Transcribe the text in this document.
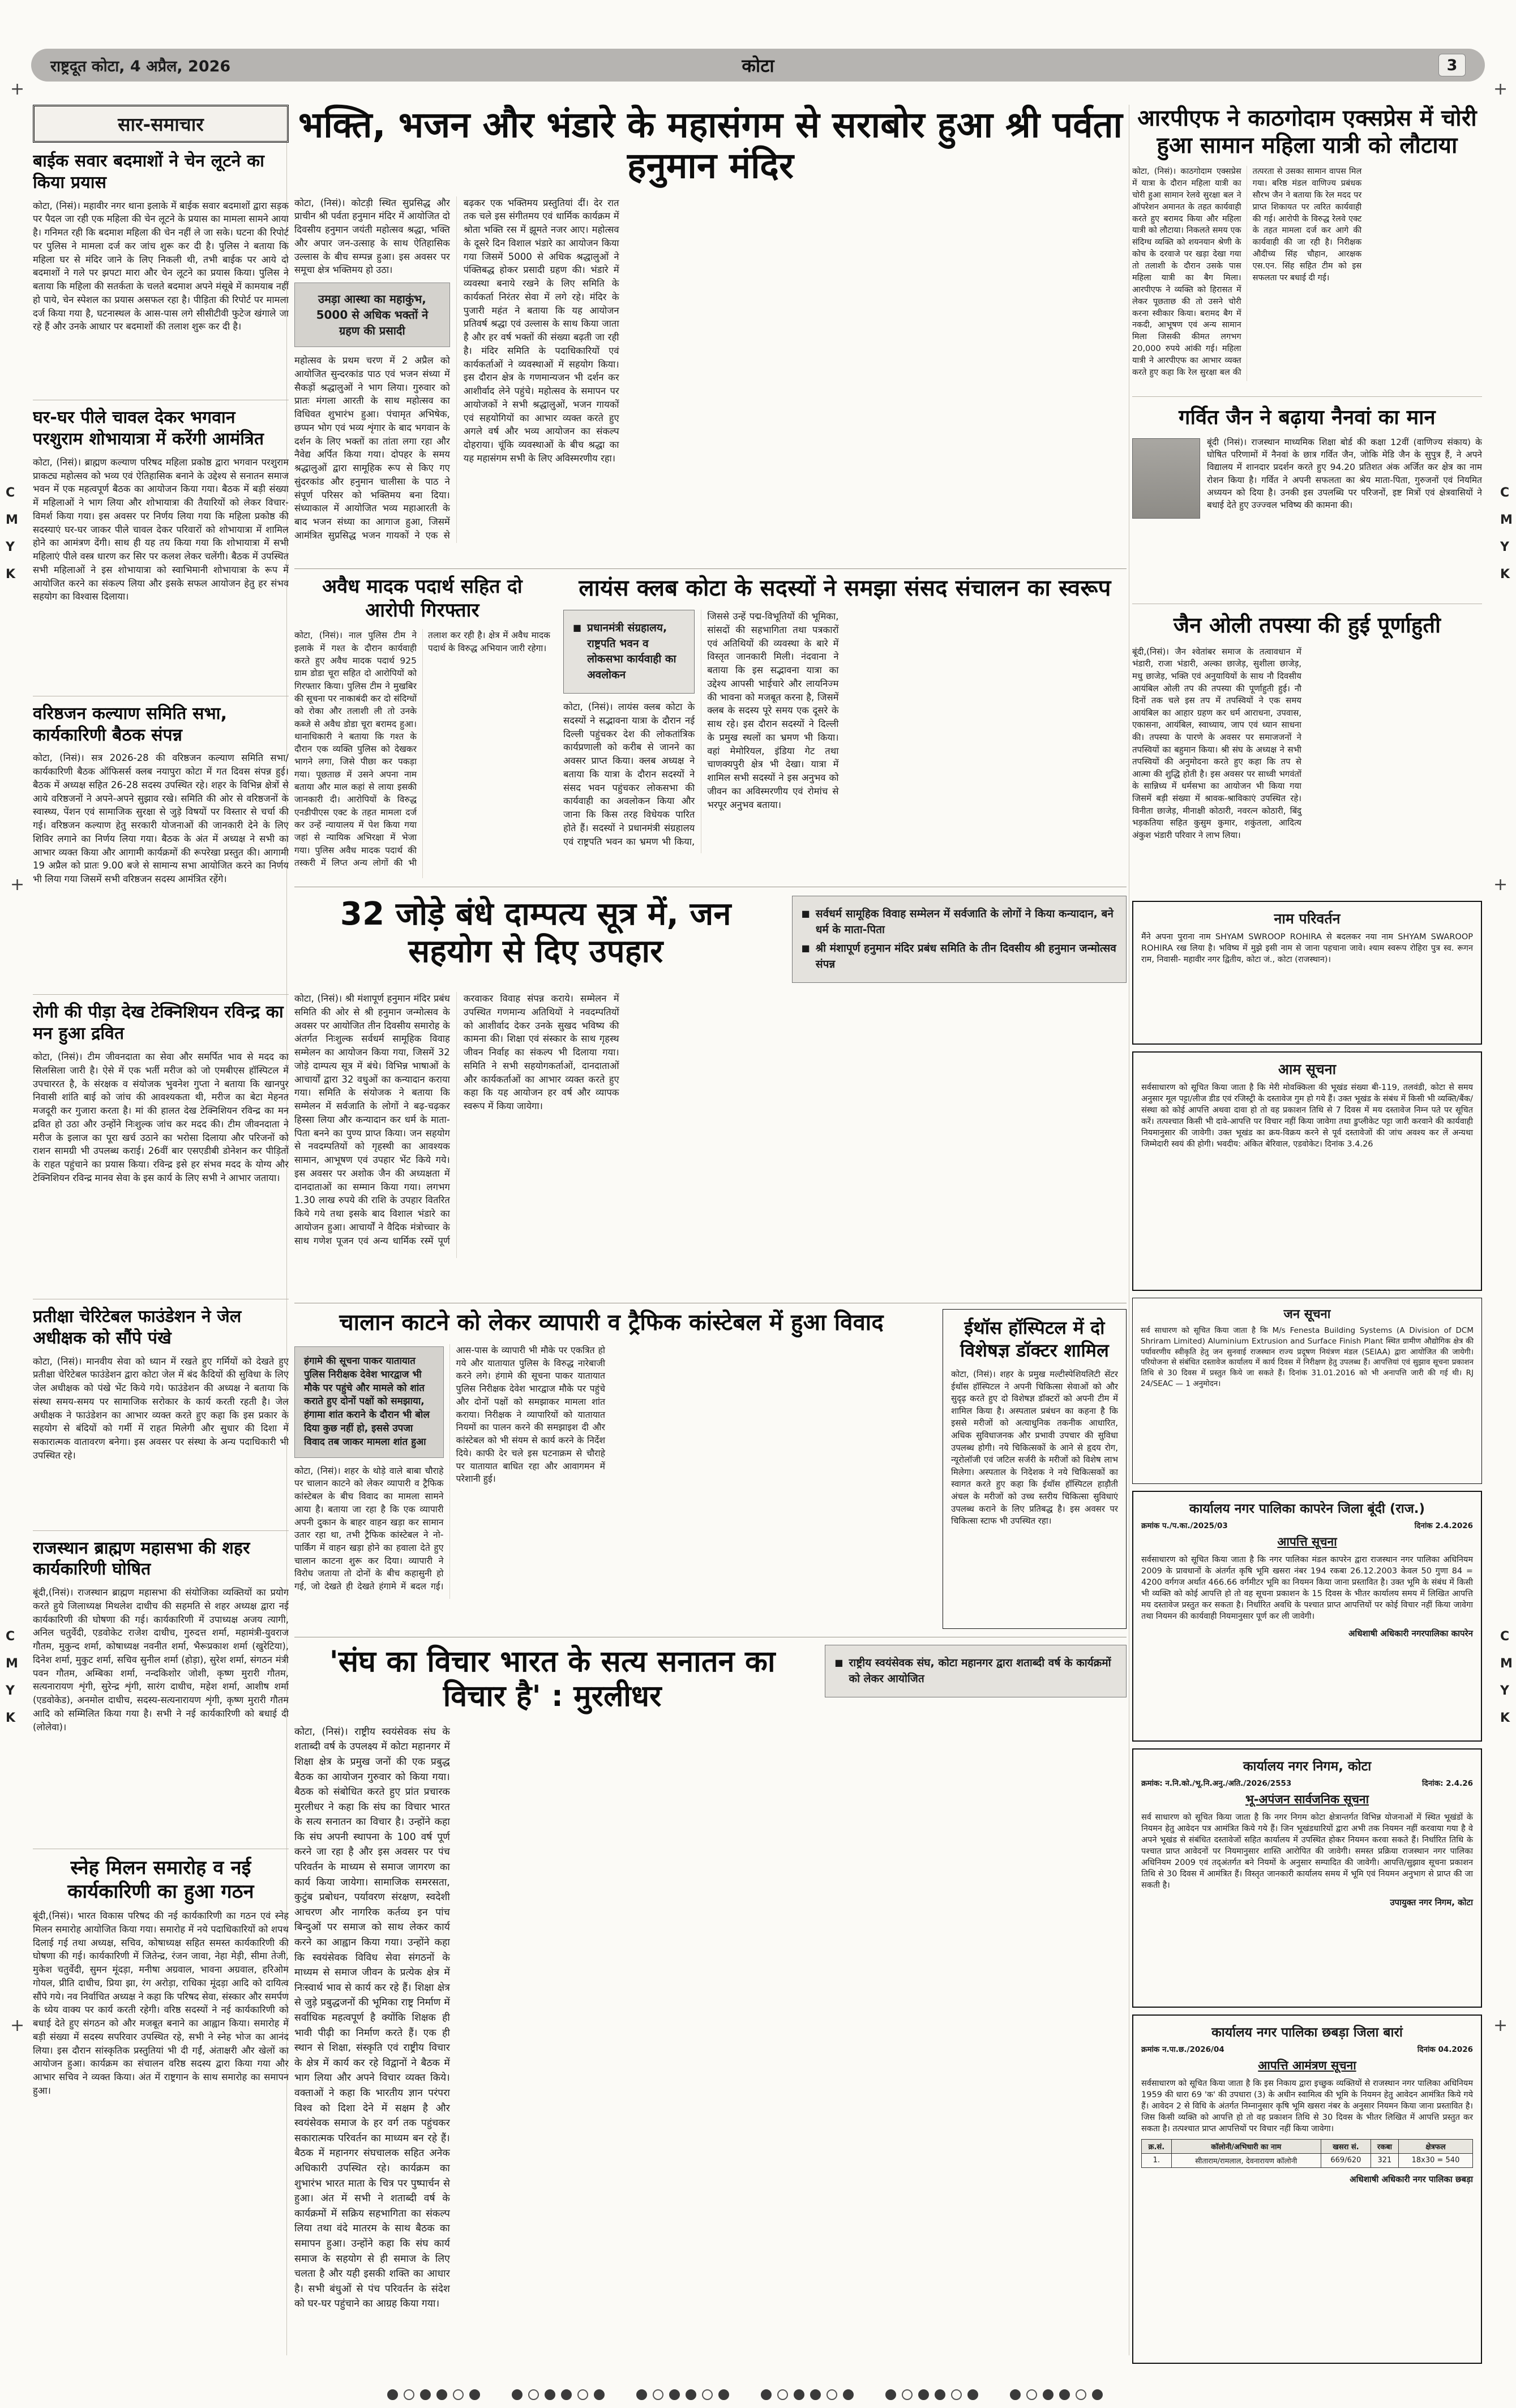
+	+
+	+
+	+
C
M
Y
K
C
M
Y
K
C
M
Y
K
C
M
Y
K
राष्ट्रदूत कोटा, 4 अप्रैल, 2026	कोटा	3
सार-समाचार
बाईक सवार बदमाशों ने चेन लूटने का किया प्रयास
कोटा, (निसं)। महावीर नगर थाना इलाके में बाईक सवार बदमाशों द्वारा सड़क पर पैदल जा रही एक महिला की चेन लूटने के प्रयास का मामला सामने आया है। गनिमत रही कि बदमाश महिला की चेन नहीं ले जा सके। घटना की रिपोर्ट पर पुलिस ने मामला दर्ज कर जांच शुरू कर दी है। पुलिस ने बताया कि महिला घर से मंदिर जाने के लिए निकली थी, तभी बाईक पर आये दो बदमाशों ने गले पर झपटा मारा और चेन लूटने का प्रयास किया। पुलिस ने बताया कि महिला की सतर्कता के चलते बदमाश अपने मंसूबे में कामयाब नहीं हो पाये, चेन स्पेशल का प्रयास असफल रहा है। पीड़िता की रिपोर्ट पर मामला दर्ज किया गया है, घटनास्थल के आस-पास लगे सीसीटीवी फुटेज खंगाले जा रहे हैं और उनके आधार पर बदमाशों की तलाश शुरू कर दी है।
घर-घर पीले चावल देकर भगवान परशुराम शोभायात्रा में करेंगी आमंत्रित
कोटा, (निसं)। ब्राह्मण कल्याण परिषद महिला प्रकोष्ठ द्वारा भगवान परशुराम प्राकट्य महोत्सव को भव्य एवं ऐतिहासिक बनाने के उद्देश्य से सनातन समाज भवन में एक महत्वपूर्ण बैठक का आयोजन किया गया। बैठक में बड़ी संख्या में महिलाओं ने भाग लिया और शोभायात्रा की तैयारियों को लेकर विचार-विमर्श किया गया। इस अवसर पर निर्णय लिया गया कि महिला प्रकोष्ठ की सदस्याएं घर-घर जाकर पीले चावल देकर परिवारों को शोभायात्रा में शामिल होने का आमंत्रण देंगी। साथ ही यह तय किया गया कि शोभायात्रा में सभी महिलाएं पीले वस्त्र धारण कर सिर पर कलश लेकर चलेंगी। बैठक में उपस्थित सभी महिलाओं ने इस शोभायात्रा को स्वाभिमानी शोभायात्रा के रूप में आयोजित करने का संकल्प लिया और इसके सफल आयोजन हेतु हर संभव सहयोग का विश्वास दिलाया।
वरिष्ठजन कल्याण समिति सभा, कार्यकारिणी बैठक संपन्न
कोटा, (निसं)। सत्र 2026-28 की वरिष्ठजन कल्याण समिति सभा/कार्यकारिणी बैठक ऑफिसर्स क्लब नयापुरा कोटा में गत दिवस संपन्न हुई। बैठक में अध्यक्ष सहित 26-28 सदस्य उपस्थित रहे। शहर के विभिन्न क्षेत्रों से आये वरिष्ठजनों ने अपने-अपने सुझाव रखे। समिति की ओर से वरिष्ठजनों के स्वास्थ्य, पेंशन एवं सामाजिक सुरक्षा से जुड़े विषयों पर विस्तार से चर्चा की गई। वरिष्ठजन कल्याण हेतु सरकारी योजनाओं की जानकारी देने के लिए शिविर लगाने का निर्णय लिया गया। बैठक के अंत में अध्यक्ष ने सभी का आभार व्यक्त किया और आगामी कार्यक्रमों की रूपरेखा प्रस्तुत की। आगामी 19 अप्रैल को प्रातः 9.00 बजे से सामान्य सभा आयोजित करने का निर्णय भी लिया गया जिसमें सभी वरिष्ठजन सदस्य आमंत्रित रहेंगे।
रोगी की पीड़ा देख टेक्निशियन रविन्द्र का मन हुआ द्रवित
कोटा, (निसं)। टीम जीवनदाता का सेवा और समर्पित भाव से मदद का सिलसिला जारी है। ऐसे में एक भर्ती मरीज को जो एमबीएस हॉस्पिटल में उपचाररत है, के संरक्षक व संयोजक भुवनेश गुप्ता ने बताया कि खानपुर निवासी शांति बाई को जांच की आवश्यकता थी, मरीज का बेटा मेहनत मजदूरी कर गुजारा करता है। मां की हालत देख टेक्निशियन रविन्द्र का मन द्रवित हो उठा और उन्होंने निःशुल्क जांच कर मदद की। टीम जीवनदाता ने मरीज के इलाज का पूरा खर्च उठाने का भरोसा दिलाया और परिजनों को राशन सामग्री भी उपलब्ध कराई। 26वीं बार एसएडीबी डोनेशन कर पीड़ितों के राहत पहुंचाने का प्रयास किया। रविन्द्र इसे हर संभव मदद के योग्य और टेक्निशियन रविन्द्र मानव सेवा के इस कार्य के लिए सभी ने आभार जताया।
प्रतीक्षा चेरिटेबल फाउंडेशन ने जेल अधीक्षक को सौंपे पंखे
कोटा, (निसं)। मानवीय सेवा को ध्यान में रखते हुए गर्मियों को देखते हुए प्रतीक्षा चेरिटेबल फाउंडेशन द्वारा कोटा जेल में बंद कैदियों की सुविधा के लिए जेल अधीक्षक को पंखे भेंट किये गये। फाउंडेशन की अध्यक्ष ने बताया कि संस्था समय-समय पर सामाजिक सरोकार के कार्य करती रहती है। जेल अधीक्षक ने फाउंडेशन का आभार व्यक्त करते हुए कहा कि इस प्रकार के सहयोग से बंदियों को गर्मी में राहत मिलेगी और सुधार की दिशा में सकारात्मक वातावरण बनेगा। इस अवसर पर संस्था के अन्य पदाधिकारी भी उपस्थित रहे।
राजस्थान ब्राह्मण महासभा की शहर कार्यकारिणी घोषित
बूंदी,(निसं)। राजस्थान ब्राह्मण महासभा की संयोजिका व्यक्तियों का प्रयोग करते हुये जिलाध्यक्ष मिथलेश दाधीच की सहमति से शहर अध्यक्ष द्वारा नई कार्यकारिणी की घोषणा की गई। कार्यकारिणी में उपाध्यक्ष अजय त्यागी, अनिल चतुर्वेदी, एडवोकेट राजेश दाधीच, गुरुदत्त शर्मा, महामंत्री-युवराज गौतम, मुकुन्द शर्मा, कोषाध्यक्ष नवनीत शर्मा, भैरूप्रकाश शर्मा (खुरेटिया), दिनेश शर्मा, मुकुट शर्मा, सचिव सुनील शर्मा (होड़ा), सुरेश शर्मा, संगठन मंत्री पवन गौतम, अम्बिका शर्मा, नन्दकिशोर जोशी, कृष्ण मुरारी गौतम, सत्यनारायण शृंगी, सुरेन्द्र शृंगी, सारंग दाधीच, महेश शर्मा, आशीष शर्मा (एडवोकेड), अनमोल दाधीच, सदस्य-सत्यनारायण शृंगी, कृष्ण मुरारी गौतम आदि को सम्मिलित किया गया है। सभी ने नई कार्यकारिणी को बधाई दी (लोलेवा)।
स्नेह मिलन समारोह व नई कार्यकारिणी का हुआ गठन
बूंदी,(निसं)। भारत विकास परिषद की नई कार्यकारिणी का गठन एवं स्नेह मिलन समारोह आयोजित किया गया। समारोह में नये पदाधिकारियों को शपथ दिलाई गई तथा अध्यक्ष, सचिव, कोषाध्यक्ष सहित समस्त कार्यकारिणी की घोषणा की गई। कार्यकारिणी में जितेन्द्र, रंजन जावा, नेहा मेड़ी, सीमा तेजी, मुकेश चतुर्वेदी, सुमन मूंदड़ा, मनीषा अग्रवाल, भावना अग्रवाल, हरिओम गोयल, प्रीति दाधीच, प्रिया झा, रंग अरोड़ा, राधिका मूंदड़ा आदि को दायित्व सौंपे गये। नव निर्वाचित अध्यक्ष ने कहा कि परिषद सेवा, संस्कार और समर्पण के ध्येय वाक्य पर कार्य करती रहेगी। वरिष्ठ सदस्यों ने नई कार्यकारिणी को बधाई देते हुए संगठन को और मजबूत बनाने का आह्वान किया। समारोह में बड़ी संख्या में सदस्य सपरिवार उपस्थित रहे, सभी ने स्नेह भोज का आनंद लिया। इस दौरान सांस्कृतिक प्रस्तुतियां भी दी गईं, अंताक्षरी और खेलों का आयोजन हुआ। कार्यक्रम का संचालन वरिष्ठ सदस्य द्वारा किया गया और आभार सचिव ने व्यक्त किया। अंत में राष्ट्रगान के साथ समारोह का समापन हुआ।
भक्ति, भजन और भंडारे के महासंगम से सराबोर हुआ श्री पर्वता हनुमान मंदिर

कोटा, (निसं)। कोटड़ी स्थित सुप्रसिद्ध और प्राचीन श्री पर्वता हनुमान मंदिर में आयोजित दो दिवसीय हनुमान जयंती महोत्सव श्रद्धा, भक्ति और अपार जन-उत्साह के साथ ऐतिहासिक उल्लास के बीच सम्पन्न हुआ। इस अवसर पर समूचा क्षेत्र भक्तिमय हो उठा।

उमड़ा आस्था का महाकुंभ, 5000 से अधिक भक्तों ने ग्रहण की प्रसादी

महोत्सव के प्रथम चरण में 2 अप्रैल को आयोजित सुन्दरकांड पाठ एवं भजन संध्या में सैकड़ों श्रद्धालुओं ने भाग लिया। गुरुवार को प्रातः मंगला आरती के साथ महोत्सव का विधिवत शुभारंभ हुआ। पंचामृत अभिषेक, छप्पन भोग एवं भव्य शृंगार के बाद भगवान के दर्शन के लिए भक्तों का तांता लगा रहा और नैवेद्य अर्पित किया गया। दोपहर के समय श्रद्धालुओं द्वारा सामूहिक रूप से किए गए सुंदरकांड और हनुमान चालीसा के पाठ ने संपूर्ण परिसर को भक्तिमय बना दिया। संध्याकाल में आयोजित भव्य महाआरती के बाद भजन संध्या का आगाज हुआ, जिसमें आमंत्रित सुप्रसिद्ध भजन गायकों ने एक से बढ़कर एक भक्तिमय प्रस्तुतियां दीं। देर रात तक चले इस संगीतमय एवं धार्मिक कार्यक्रम में श्रोता भक्ति रस में झूमते नजर आए। महोत्सव के दूसरे दिन विशाल भंडारे का आयोजन किया गया जिसमें 5000 से अधिक श्रद्धालुओं ने पंक्तिबद्ध होकर प्रसादी ग्रहण की। भंडारे में व्यवस्था बनाये रखने के लिए समिति के कार्यकर्ता निरंतर सेवा में लगे रहे। मंदिर के पुजारी महंत ने बताया कि यह आयोजन प्रतिवर्ष श्रद्धा एवं उल्लास के साथ किया जाता है और हर वर्ष भक्तों की संख्या बढ़ती जा रही है। मंदिर समिति के पदाधिकारियों एवं कार्यकर्ताओं ने व्यवस्थाओं में सहयोग किया। इस दौरान क्षेत्र के गणमान्यजन भी दर्शन कर आशीर्वाद लेने पहुंचे। महोत्सव के समापन पर आयोजकों ने सभी श्रद्धालुओं, भजन गायकों एवं सहयोगियों का आभार व्यक्त करते हुए अगले वर्ष और भव्य आयोजन का संकल्प दोहराया। चूंकि व्यवस्थाओं के बीच श्रद्धा का यह महासंगम सभी के लिए अविस्मरणीय रहा।

अवैध मादक पदार्थ सहित दो आरोपी गिरफ्तार
कोटा, (निसं)। नाल पुलिस टीम ने इलाके में गश्त के दौरान कार्यवाही करते हुए अवैध मादक पदार्थ 925 ग्राम डोडा चूरा सहित दो आरोपियों को गिरफ्तार किया। पुलिस टीम ने मुखबिर की सूचना पर नाकाबंदी कर दो संदिग्धों को रोका और तलाशी ली तो उनके कब्जे से अवैध डोडा चूरा बरामद हुआ। थानाधिकारी ने बताया कि गश्त के दौरान एक व्यक्ति पुलिस को देखकर भागने लगा, जिसे पीछा कर पकड़ा गया। पूछताछ में उसने अपना नाम बताया और माल कहां से लाया इसकी जानकारी दी। आरोपियों के विरुद्ध एनडीपीएस एक्ट के तहत मामला दर्ज कर उन्हें न्यायालय में पेश किया गया जहां से न्यायिक अभिरक्षा में भेजा गया। पुलिस अवैध मादक पदार्थ की तस्करी में लिप्त अन्य लोगों की भी तलाश कर रही है। क्षेत्र में अवैध मादक पदार्थ के विरुद्ध अभियान जारी रहेगा।
लायंस क्लब कोटा के सदस्यों ने समझा संसद संचालन का स्वरूप
■ प्रधानमंत्री संग्रहालय, राष्ट्रपति भवन व लोकसभा कार्यवाही का अवलोकन
कोटा, (निसं)। लायंस क्लब कोटा के सदस्यों ने सद्भावना यात्रा के दौरान नई दिल्ली पहुंचकर देश की लोकतांत्रिक कार्यप्रणाली को करीब से जानने का अवसर प्राप्त किया। क्लब अध्यक्ष ने बताया कि यात्रा के दौरान सदस्यों ने संसद भवन पहुंचकर लोकसभा की कार्यवाही का अवलोकन किया और जाना कि किस तरह विधेयक पारित होते हैं। सदस्यों ने प्रधानमंत्री संग्रहालय एवं राष्ट्रपति भवन का भ्रमण भी किया, जिससे उन्हें पद्म-विभूतियों की भूमिका, सांसदों की सहभागिता तथा पत्रकारों एवं अतिथियों की व्यवस्था के बारे में विस्तृत जानकारी मिली। नंदवाना ने बताया कि इस सद्भावना यात्रा का उद्देश्य आपसी भाईचारे और लायनिज्म की भावना को मजबूत करना है, जिसमें क्लब के सदस्य पूरे समय एक दूसरे के साथ रहे। इस दौरान सदस्यों ने दिल्ली के प्रमुख स्थलों का भ्रमण भी किया। वहां मेमोरियल, इंडिया गेट तथा चाणक्यपुरी क्षेत्र भी देखा। यात्रा में शामिल सभी सदस्यों ने इस अनुभव को जीवन का अविस्मरणीय एवं रोमांच से भरपूर अनुभव बताया।
32 जोड़े बंधे दाम्पत्य सूत्र में, जन सहयोग से दिए उपहार
■ सर्वधर्म सामूहिक विवाह सम्मेलन में सर्वजाति के लोगों ने किया कन्यादान, बने धर्म के माता-पिता
■ श्री मंशापूर्ण हनुमान मंदिर प्रबंध समिति के तीन दिवसीय श्री हनुमान जन्मोत्सव संपन्न
कोटा, (निसं)। श्री मंशापूर्ण हनुमान मंदिर प्रबंध समिति की ओर से श्री हनुमान जन्मोत्सव के अवसर पर आयोजित तीन दिवसीय समारोह के अंतर्गत निःशुल्क सर्वधर्म सामूहिक विवाह सम्मेलन का आयोजन किया गया, जिसमें 32 जोड़े दाम्पत्य सूत्र में बंधे। विभिन्न भाषाओं के आचार्यों द्वारा 32 वधुओं का कन्यादान कराया गया। समिति के संयोजक ने बताया कि सम्मेलन में सर्वजाति के लोगों ने बढ़-चढ़कर हिस्सा लिया और कन्यादान कर धर्म के माता-पिता बनने का पुण्य प्राप्त किया। जन सहयोग से नवदम्पतियों को गृहस्थी का आवश्यक सामान, आभूषण एवं उपहार भेंट किये गये। इस अवसर पर अशोक जैन की अध्यक्षता में दानदाताओं का सम्मान किया गया। लगभग 1.30 लाख रुपये की राशि के उपहार वितरित किये गये तथा इसके बाद विशाल भंडारे का आयोजन हुआ। आचार्यों ने वैदिक मंत्रोच्चार के साथ गणेश पूजन एवं अन्य धार्मिक रस्में पूर्ण करवाकर विवाह संपन्न कराये। सम्मेलन में उपस्थित गणमान्य अतिथियों ने नवदम्पतियों को आशीर्वाद देकर उनके सुखद भविष्य की कामना की। शिक्षा एवं संस्कार के साथ गृहस्थ जीवन निर्वाह का संकल्प भी दिलाया गया। समिति ने सभी सहयोगकर्ताओं, दानदाताओं और कार्यकर्ताओं का आभार व्यक्त करते हुए कहा कि यह आयोजन हर वर्ष और व्यापक स्वरूप में किया जायेगा।
चालान काटने को लेकर व्यापारी व ट्रैफिक कांस्टेबल में हुआ विवाद
हंगामे की सूचना पाकर यातायात पुलिस निरीक्षक देवेश भारद्वाज भी मौके पर पहुंचे और मामले को शांत कराते हुए दोनों पक्षों को समझाया, हंगामा शांत कराने के दौरान भी बोल दिया कुछ नहीं हो, इससे उपजा विवाद तब जाकर मामला शांत हुआ
कोटा, (निसं)। शहर के थोड़े वाले बाबा चौराहे पर चालान काटने को लेकर व्यापारी व ट्रैफिक कांस्टेबल के बीच विवाद का मामला सामने आया है। बताया जा रहा है कि एक व्यापारी अपनी दुकान के बाहर वाहन खड़ा कर सामान उतार रहा था, तभी ट्रैफिक कांस्टेबल ने नो-पार्किंग में वाहन खड़ा होने का हवाला देते हुए चालान काटना शुरू कर दिया। व्यापारी ने विरोध जताया तो दोनों के बीच कहासुनी हो गई, जो देखते ही देखते हंगामे में बदल गई। आस-पास के व्यापारी भी मौके पर एकत्रित हो गये और यातायात पुलिस के विरुद्ध नारेबाजी करने लगे। हंगामे की सूचना पाकर यातायात पुलिस निरीक्षक देवेश भारद्वाज मौके पर पहुंचे और दोनों पक्षों को समझाकर मामला शांत कराया। निरीक्षक ने व्यापारियों को यातायात नियमों का पालन करने की समझाइश दी और कांस्टेबल को भी संयम से कार्य करने के निर्देश दिये। काफी देर चले इस घटनाक्रम से चौराहे पर यातायात बाधित रहा और आवागमन में परेशानी हुई।
ईथॉस हॉस्पिटल में दो विशेषज्ञ डॉक्टर शामिल
कोटा, (निसं)। शहर के प्रमुख मल्टीस्पेशियलिटी सेंटर ईथॉस हॉस्पिटल ने अपनी चिकित्सा सेवाओं को और सुदृढ़ करते हुए दो विशेषज्ञ डॉक्टरों को अपनी टीम में शामिल किया है। अस्पताल प्रबंधन का कहना है कि इससे मरीजों को अत्याधुनिक तकनीक आधारित, अधिक सुविधाजनक और प्रभावी उपचार की सुविधा उपलब्ध होगी। नये चिकित्सकों के आने से हृदय रोग, न्यूरोलॉजी एवं जटिल सर्जरी के मरीजों को विशेष लाभ मिलेगा। अस्पताल के निदेशक ने नये चिकित्सकों का स्वागत करते हुए कहा कि ईथॉस हॉस्पिटल हाड़ौती अंचल के मरीजों को उच्च स्तरीय चिकित्सा सुविधाएं उपलब्ध कराने के लिए प्रतिबद्ध है। इस अवसर पर चिकित्सा स्टाफ भी उपस्थित रहा।
'संघ का विचार भारत के सत्य सनातन का विचार है' : मुरलीधर
■ राष्ट्रीय स्वयंसेवक संघ, कोटा महानगर द्वारा शताब्दी वर्ष के कार्यक्रमों को लेकर आयोजित
कोटा, (निसं)। राष्ट्रीय स्वयंसेवक संघ के शताब्दी वर्ष के उपलक्ष्य में कोटा महानगर में शिक्षा क्षेत्र के प्रमुख जनों की एक प्रबुद्ध बैठक का आयोजन गुरुवार को किया गया। बैठक को संबोधित करते हुए प्रांत प्रचारक मुरलीधर ने कहा कि संघ का विचार भारत के सत्य सनातन का विचार है। उन्होंने कहा कि संघ अपनी स्थापना के 100 वर्ष पूर्ण करने जा रहा है और इस अवसर पर पंच परिवर्तन के माध्यम से समाज जागरण का कार्य किया जायेगा। सामाजिक समरसता, कुटुंब प्रबोधन, पर्यावरण संरक्षण, स्वदेशी आचरण और नागरिक कर्तव्य इन पांच बिन्दुओं पर समाज को साथ लेकर कार्य करने का आह्वान किया गया। उन्होंने कहा कि स्वयंसेवक विविध सेवा संगठनों के माध्यम से समाज जीवन के प्रत्येक क्षेत्र में निःस्वार्थ भाव से कार्य कर रहे हैं। शिक्षा क्षेत्र से जुड़े प्रबुद्धजनों की भूमिका राष्ट्र निर्माण में सर्वाधिक महत्वपूर्ण है क्योंकि शिक्षक ही भावी पीढ़ी का निर्माण करते हैं। एक ही स्थान से शिक्षा, संस्कृति एवं राष्ट्रीय विचार के क्षेत्र में कार्य कर रहे विद्वानों ने बैठक में भाग लिया और अपने विचार व्यक्त किये। वक्ताओं ने कहा कि भारतीय ज्ञान परंपरा विश्व को दिशा देने में सक्षम है और स्वयंसेवक समाज के हर वर्ग तक पहुंचकर सकारात्मक परिवर्तन का माध्यम बन रहे हैं। बैठक में महानगर संघचालक सहित अनेक अधिकारी उपस्थित रहे। कार्यक्रम का शुभारंभ भारत माता के चित्र पर पुष्पार्चन से हुआ। अंत में सभी ने शताब्दी वर्ष के कार्यक्रमों में सक्रिय सहभागिता का संकल्प लिया तथा वंदे मातरम के साथ बैठक का समापन हुआ। उन्होंने कहा कि संघ कार्य समाज के सहयोग से ही समाज के लिए चलता है और यही इसकी शक्ति का आधार है। सभी बंधुओं से पंच परिवर्तन के संदेश को घर-घर पहुंचाने का आग्रह किया गया।
आरपीएफ ने काठगोदाम एक्सप्रेस में चोरी हुआ सामान महिला यात्री को लौटाया
कोटा, (निसं)। काठगोदाम एक्सप्रेस में यात्रा के दौरान महिला यात्री का चोरी हुआ सामान रेलवे सुरक्षा बल ने ऑपरेशन अमानत के तहत कार्यवाही करते हुए बरामद किया और महिला यात्री को लौटाया। निकलते समय एक संदिग्ध व्यक्ति को शयनयान श्रेणी के कोच के दरवाजे पर खड़ा देखा गया तो तलाशी के दौरान उसके पास महिला यात्री का बैग मिला। आरपीएफ ने व्यक्ति को हिरासत में लेकर पूछताछ की तो उसने चोरी करना स्वीकार किया। बरामद बैग में नकदी, आभूषण एवं अन्य सामान मिला जिसकी कीमत लगभग 20,000 रुपये आंकी गई। महिला यात्री ने आरपीएफ का आभार व्यक्त करते हुए कहा कि रेल सुरक्षा बल की तत्परता से उसका सामान वापस मिल गया। बरिष्ठ मंडल वाणिज्य प्रबंधक सौरभ जैन ने बताया कि रेल मदद पर प्राप्त शिकायत पर त्वरित कार्यवाही की गई। आरोपी के विरुद्ध रेलवे एक्ट के तहत मामला दर्ज कर आगे की कार्यवाही की जा रही है। निरीक्षक औदीच्य सिंह चौहान, आरक्षक एस.एन. सिंह सहित टीम को इस सफलता पर बधाई दी गई।
गर्वित जैन ने बढ़ाया नैनवां का मान
बूंदी (निसं)। राजस्थान माध्यमिक शिक्षा बोर्ड की कक्षा 12वीं (वाणिज्य संकाय) के घोषित परिणामों में नैनवां के छात्र गर्वित जैन, जोकि मेडि जैन के सुपुत्र हैं, ने अपने विद्यालय में शानदार प्रदर्शन करते हुए 94.20 प्रतिशत अंक अर्जित कर क्षेत्र का नाम रोशन किया है। गर्वित ने अपनी सफलता का श्रेय माता-पिता, गुरुजनों एवं नियमित अध्ययन को दिया है। उनकी इस उपलब्धि पर परिजनों, इष्ट मित्रों एवं क्षेत्रवासियों ने बधाई देते हुए उज्ज्वल भविष्य की कामना की।
जैन ओली तपस्या की हुई पूर्णाहुती
बूंदी,(निसं)। जैन श्वेतांबर समाज के तत्वावधान में भंडारी, राजा भंडारी, अल्का छाजेड़, सुशीला छाजेड़, मधु छाजेड़, भक्ति एवं अनुयायियों के साथ नौ दिवसीय आयंबिल ओली तप की तपस्या की पूर्णाहुती हुई। नौ दिनों तक चले इस तप में तपस्वियों ने एक समय आयंबिल का आहार ग्रहण कर धर्म आराधना, उपवास, एकासना, आयंबिल, स्वाध्याय, जाप एवं ध्यान साधना की। तपस्या के पारणे के अवसर पर समाजजनों ने तपस्वियों का बहुमान किया। श्री संघ के अध्यक्ष ने सभी तपस्वियों की अनुमोदना करते हुए कहा कि तप से आत्मा की शुद्धि होती है। इस अवसर पर साध्वी भगवंतों के सान्निध्य में धर्मसभा का आयोजन भी किया गया जिसमें बड़ी संख्या में श्रावक-श्राविकाएं उपस्थित रहे। विनीता छाजेड़, मीनाक्षी कोठारी, नवरत्न कोठारी, बिंदु भड़कतिया सहित कुसुम कुमार, शकुंतला, आदित्य अंकुश भंडारी परिवार ने लाभ लिया।
नाम परिवर्तन
मैंने अपना पुराना नाम SHYAM SWROOP ROHIRA से बदलकर नया नाम SHYAM SWAROOP ROHIRA रख लिया है। भविष्य में मुझे इसी नाम से जाना पहचाना जावे। श्याम स्वरूप रोहिरा पुत्र स्व. रूगन राम, निवासी- महावीर नगर द्वितीय, कोटा जं., कोटा (राजस्थान)।
आम सूचना
सर्वसाधारण को सूचित किया जाता है कि मेरी मोवक्किला की भूखंड संख्या बी-119, तलवंडी, कोटा से समय अनुसार मूल पट्टा/लीज डीड एवं रजिस्ट्री के दस्तावेज गुम हो गये हैं। उक्त भूखंड के संबंध में किसी भी व्यक्ति/बैंक/संस्था को कोई आपत्ति अथवा दावा हो तो वह प्रकाशन तिथि से 7 दिवस में मय दस्तावेज निम्न पते पर सूचित करें। तत्पश्चात किसी भी दावे-आपत्ति पर विचार नहीं किया जावेगा तथा डुप्लीकेट पट्टा जारी करवाने की कार्यवाही नियमानुसार की जावेगी। उक्त भूखंड का क्रय-विक्रय करने से पूर्व दस्तावेजों की जांच अवश्य कर लें अन्यथा जिम्मेदारी स्वयं की होगी। भवदीय: अंकित बेरिवाल, एडवोकेट। दिनांक 3.4.26
जन सूचना
सर्व साधारण को सूचित किया जाता है कि M/s Fenesta Building Systems (A Division of DCM Shriram Limited) Aluminium Extrusion and Surface Finish Plant स्थित ग्रामीण औद्योगिक क्षेत्र की पर्यावरणीय स्वीकृति हेतु जन सुनवाई राजस्थान राज्य प्रदूषण नियंत्रण मंडल (SEIAA) द्वारा आयोजित की जायेगी। परियोजना से संबंधित दस्तावेज कार्यालय में कार्य दिवस में निरीक्षण हेतु उपलब्ध हैं। आपत्तियां एवं सुझाव सूचना प्रकाशन तिथि से 30 दिवस में प्रस्तुत किये जा सकते हैं। दिनांक 31.01.2016 को भी अनापत्ति जारी की गई थी। RJ 24/SEAC — 1 अनुमोदन।
कार्यालय नगर पालिका कापरेन जिला बूंदी (राज.)
क्रमांक प./प.का./2025/03	दिनांक 2.4.2026
आपत्ति सूचना
सर्वसाधारण को सूचित किया जाता है कि नगर पालिका मंडल कापरेन द्वारा राजस्थान नगर पालिका अधिनियम 2009 के प्रावधानों के अंतर्गत कृषि भूमि खसरा नंबर 194 रकबा 26.12.2003 केवल 50 गुणा 84 = 4200 वर्गगज अर्थात 466.66 वर्गमीटर भूमि का नियमन किया जाना प्रस्तावित है। उक्त भूमि के संबंध में किसी भी व्यक्ति को कोई आपत्ति हो तो वह सूचना प्रकाशन के 15 दिवस के भीतर कार्यालय समय में लिखित आपत्ति मय दस्तावेज प्रस्तुत कर सकता है। निर्धारित अवधि के पश्चात प्राप्त आपत्तियों पर कोई विचार नहीं किया जावेगा तथा नियमन की कार्यवाही नियमानुसार पूर्ण कर ली जावेगी।
अधिशाषी अधिकारी नगरपालिका कापरेन
कार्यालय नगर निगम, कोटा
क्रमांक: न.नि.को./भू.नि.अनु./अति./2026/2553	दिनांक: 2.4.26
भू-अपंजन सार्वजनिक सूचना
सर्व साधारण को सूचित किया जाता है कि नगर निगम कोटा क्षेत्रान्तर्गत विभिन्न योजनाओं में स्थित भूखंडों के नियमन हेतु आवेदन पत्र आमंत्रित किये गये हैं। जिन भूखंडधारियों द्वारा अभी तक नियमन नहीं करवाया गया है वे अपने भूखंड से संबंधित दस्तावेजों सहित कार्यालय में उपस्थित होकर नियमन करवा सकते हैं। निर्धारित तिथि के पश्चात प्राप्त आवेदनों पर नियमानुसार शास्ति आरोपित की जावेगी। समस्त प्रक्रिया राजस्थान नगर पालिका अधिनियम 2009 एवं तद्अंतर्गत बने नियमों के अनुसार सम्पादित की जावेगी। आपत्ति/सुझाव सूचना प्रकाशन तिथि से 30 दिवस में आमंत्रित हैं। विस्तृत जानकारी कार्यालय समय में भूमि एवं नियमन अनुभाग से प्राप्त की जा सकती है।
उपायुक्त नगर निगम, कोटा
कार्यालय नगर पालिका छबड़ा जिला बारां
क्रमांक न.पा.छ./2026/04	दिनांक 04.2026
आपत्ति आमंत्रण सूचना
सर्वसाधारण को सूचित किया जाता है कि इस निकाय द्वारा इच्छुक व्यक्तियों से राजस्थान नगर पालिका अधिनियम 1959 की धारा 69 'क' की उपधारा (3) के अधीन स्वामित्व की भूमि के नियमन हेतु आवेदन आमंत्रित किये गये हैं। आवेदन 2 से विधि के अंतर्गत निम्नानुसार कृषि भूमि खसरा नंबर के अनुसार नियमन किया जाना प्रस्तावित है। जिस किसी व्यक्ति को आपत्ति हो तो वह प्रकाशन तिथि से 30 दिवस के भीतर लिखित में आपत्ति प्रस्तुत कर सकता है। तत्पश्चात प्राप्त आपत्तियों पर विचार नहीं किया जावेगा।
क्र.सं.	कॉलोनी/अभिधारी का नाम	खसरा सं.	रकबा	क्षेत्रफल
1.	सीताराम/रामलाल, देवनारायण कॉलोनी	669/620	321	18x30 = 540
अधिशाषी अधिकारी नगर पालिका छबड़ा
